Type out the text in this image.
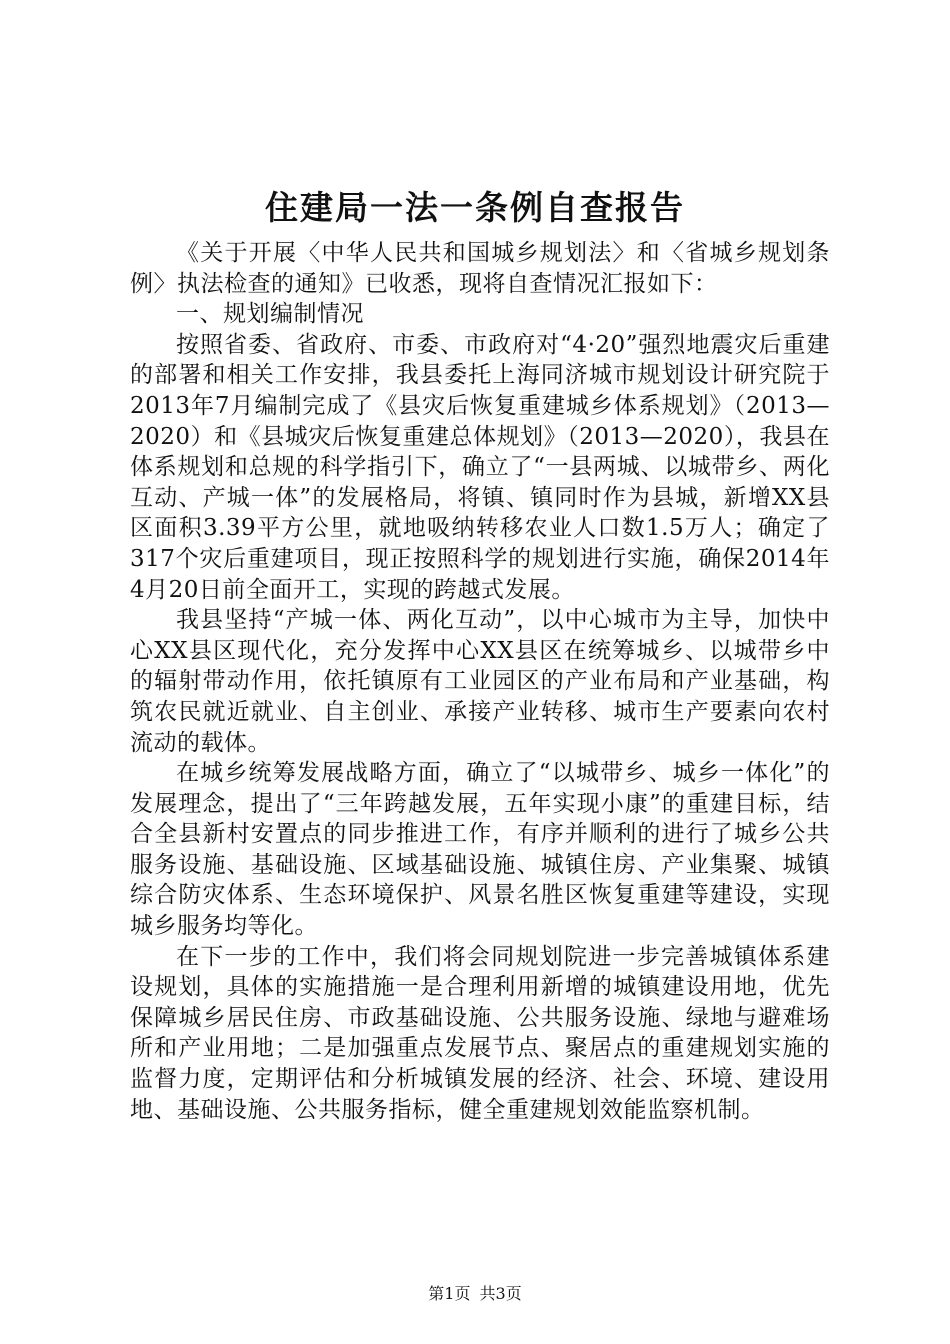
住建局一法一条例自查报告

《关于开展〈中华人民共和国城乡规划法〉和〈省城乡规划条例〉执法检查的通知》已收悉，现将自查情况汇报如下：

一、规划编制情况

按照省委、省政府、市委、市政府对“4·20”强烈地震灾后重建的部署和相关工作安排，我县委托上海同济城市规划设计研究院于2013年7月编制完成了《县灾后恢复重建城乡体系规划》（2013—2020）和《县城灾后恢复重建总体规划》（2013—2020），我县在体系规划和总规的科学指引下，确立了“一县两城、以城带乡、两化互动、产城一体”的发展格局，将镇、镇同时作为县城，新增XX县区面积3.39平方公里，就地吸纳转移农业人口数1.5万人；确定了317个灾后重建项目，现正按照科学的规划进行实施，确保2014年4月20日前全面开工，实现的跨越式发展。

我县坚持“产城一体、两化互动”，以中心城市为主导，加快中心XX县区现代化，充分发挥中心XX县区在统筹城乡、以城带乡中的辐射带动作用，依托镇原有工业园区的产业布局和产业基础，构筑农民就近就业、自主创业、承接产业转移、城市生产要素向农村流动的载体。

在城乡统筹发展战略方面，确立了“以城带乡、城乡一体化”的发展理念，提出了“三年跨越发展，五年实现小康”的重建目标，结合全县新村安置点的同步推进工作，有序并顺利的进行了城乡公共服务设施、基础设施、区域基础设施、城镇住房、产业集聚、城镇综合防灾体系、生态环境保护、风景名胜区恢复重建等建设，实现城乡服务均等化。

在下一步的工作中，我们将会同规划院进一步完善城镇体系建设规划，具体的实施措施一是合理利用新增的城镇建设用地，优先保障城乡居民住房、市政基础设施、公共服务设施、绿地与避难场所和产业用地；二是加强重点发展节点、聚居点的重建规划实施的监督力度，定期评估和分析城镇发展的经济、社会、环境、建设用地、基础设施、公共服务指标，健全重建规划效能监察机制。

第1页 共3页
